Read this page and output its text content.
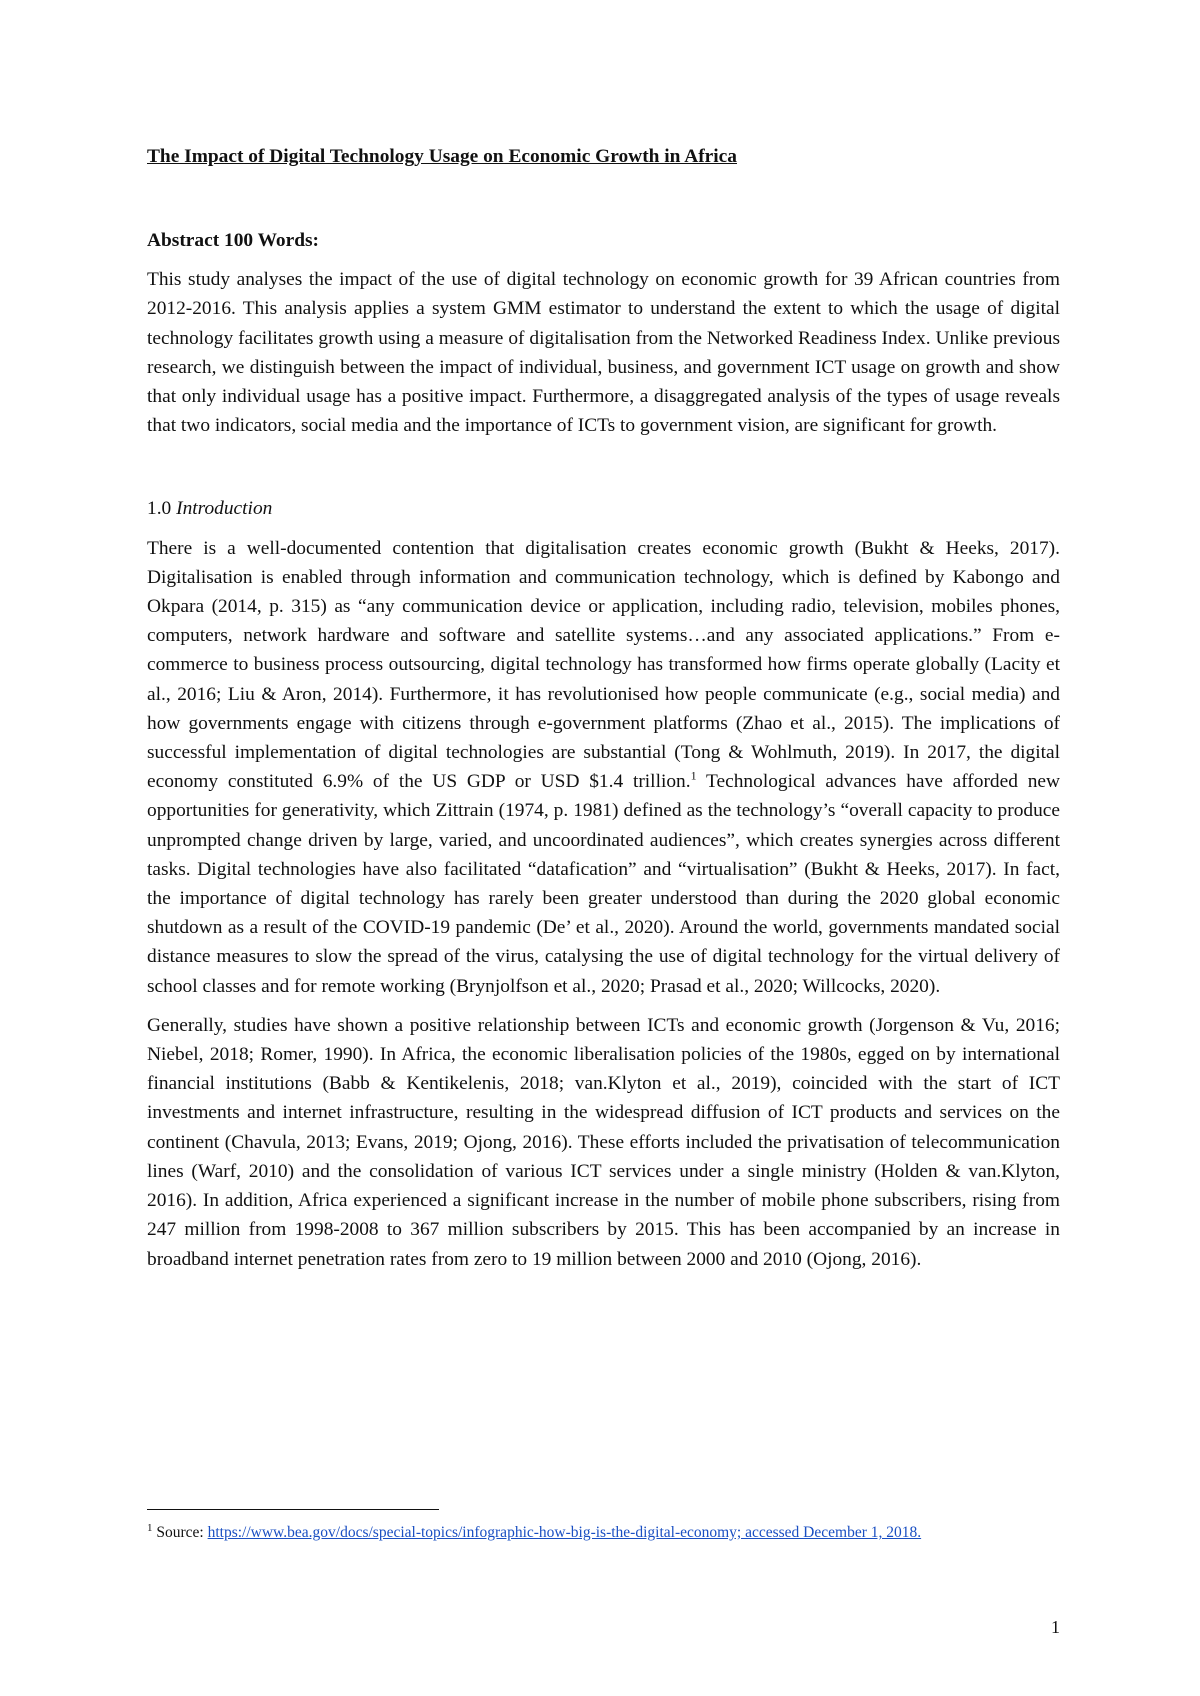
The Impact of Digital Technology Usage on Economic Growth in Africa

Abstract 100 Words:

This study analyses the impact of the use of digital technology on economic growth for 39 African countries from 2012-2016. This analysis applies a system GMM estimator to understand the extent to which the usage of digital technology facilitates growth using a measure of digitalisation from the Networked Readiness Index. Unlike previous research, we distinguish between the impact of individual, business, and government ICT usage on growth and show that only individual usage has a positive impact. Furthermore, a disaggregated analysis of the types of usage reveals that two indicators, social media and the importance of ICTs to government vision, are significant for growth.

1.0 Introduction

There is a well-documented contention that digitalisation creates economic growth (Bukht & Heeks, 2017). Digitalisation is enabled through information and communication technology, which is defined by Kabongo and Okpara (2014, p. 315) as “any communication device or application, including radio, television, mobiles phones, computers, network hardware and software and satellite systems…and any associated applications.” From e-commerce to business process outsourcing, digital technology has transformed how firms operate globally (Lacity et al., 2016; Liu & Aron, 2014). Furthermore, it has revolutionised how people communicate (e.g., social media) and how governments engage with citizens through e-government platforms (Zhao et al., 2015). The implications of successful implementation of digital technologies are substantial (Tong & Wohlmuth, 2019). In 2017, the digital economy constituted 6.9% of the US GDP or USD $1.4 trillion.$^1$ Technological advances have afforded new opportunities for generativity, which Zittrain (1974, p. 1981) defined as the technology’s “overall capacity to produce unprompted change driven by large, varied, and uncoordinated audiences”, which creates synergies across different tasks. Digital technologies have also facilitated “datafication” and “virtualisation” (Bukht & Heeks, 2017). In fact, the importance of digital technology has rarely been greater understood than during the 2020 global economic shutdown as a result of the COVID-19 pandemic (De’ et al., 2020). Around the world, governments mandated social distance measures to slow the spread of the virus, catalysing the use of digital technology for the virtual delivery of school classes and for remote working (Brynjolfson et al., 2020; Prasad et al., 2020; Willcocks, 2020).

Generally, studies have shown a positive relationship between ICTs and economic growth (Jorgenson & Vu, 2016; Niebel, 2018; Romer, 1990). In Africa, the economic liberalisation policies of the 1980s, egged on by international financial institutions (Babb & Kentikelenis, 2018; van.Klyton et al., 2019), coincided with the start of ICT investments and internet infrastructure, resulting in the widespread diffusion of ICT products and services on the continent (Chavula, 2013; Evans, 2019; Ojong, 2016). These efforts included the privatisation of telecommunication lines (Warf, 2010) and the consolidation of various ICT services under a single ministry (Holden & van.Klyton, 2016). In addition, Africa experienced a significant increase in the number of mobile phone subscribers, rising from 247 million from 1998-2008 to 367 million subscribers by 2015. This has been accompanied by an increase in broadband internet penetration rates from zero to 19 million between 2000 and 2010 (Ojong, 2016).

$^1$ Source: https://www.bea.gov/docs/special-topics/infographic-how-big-is-the-digital-economy; accessed December 1, 2018.
1
